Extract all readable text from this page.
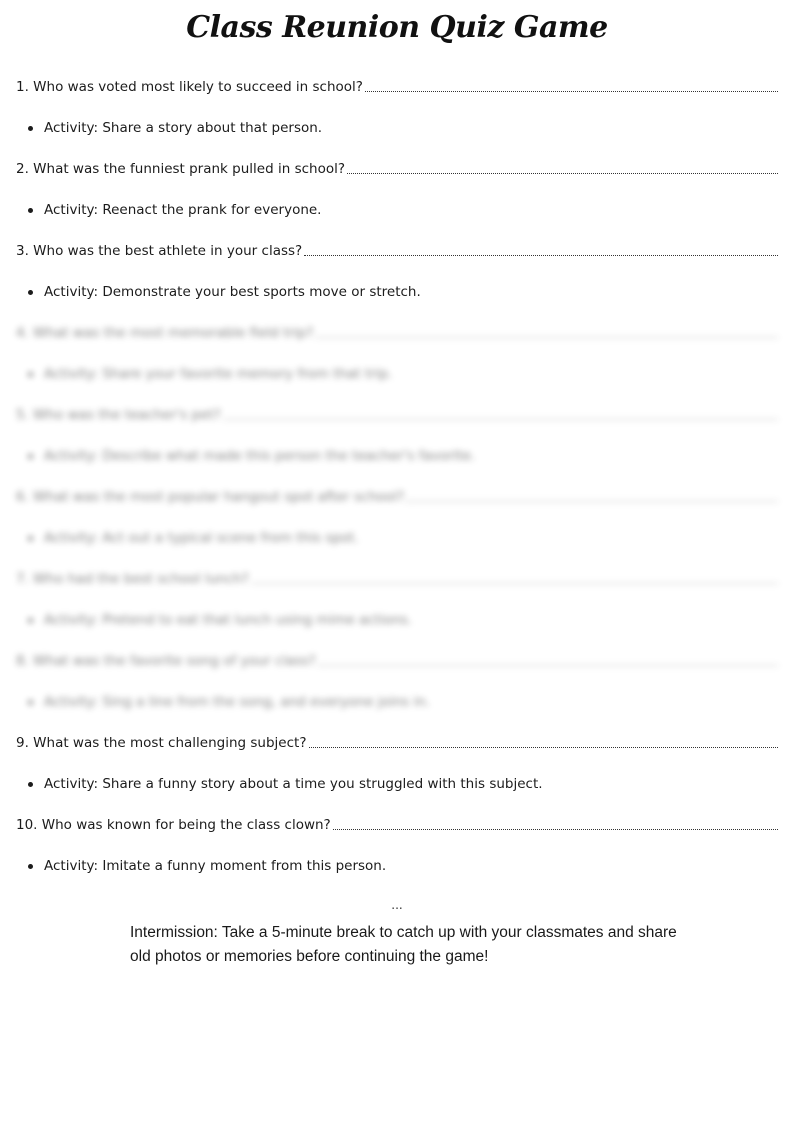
Class Reunion Quiz Game
1. Who was voted most likely to succeed in school?
Activity: Share a story about that person.
2. What was the funniest prank pulled in school?
Activity: Reenact the prank for everyone.
3. Who was the best athlete in your class?
Activity: Demonstrate your best sports move or stretch.
4. What was the most memorable field trip?
Activity: Share your favorite memory from that trip.
5. Who was the teacher's pet?
Activity: Describe what made this person the teacher's favorite.
6. What was the most popular hangout spot after school?
Activity: Act out a typical scene from this spot.
7. Who had the best school lunch?
Activity: Pretend to eat that lunch using mime actions.
8. What was the favorite song of your class?
Activity: Sing a line from the song, and everyone joins in.
9. What was the most challenging subject?
Activity: Share a funny story about a time you struggled with this subject.
10. Who was known for being the class clown?
Activity: Imitate a funny moment from this person.
...
Intermission: Take a 5-minute break to catch up with your classmates and share old photos or memories before continuing the game!
